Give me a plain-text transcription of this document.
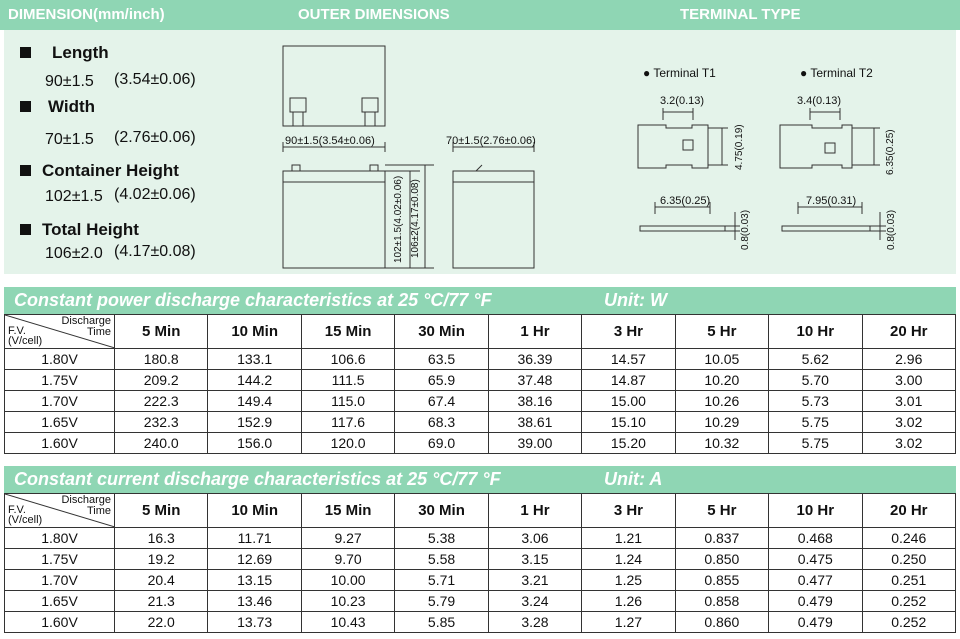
DIMENSION(mm/inch)	OUTER DIMENSIONS	TERMINAL TYPE
Length
90±1.5 (3.54±0.06)
Width
70±1.5 (2.76±0.06)
Container Height
102±1.5 (4.02±0.06)
Total Height
106±2.0 (4.17±0.08)
90±1.5(3.54±0.06)	70±1.5(2.76±0.06)
102±1.5(4.02±0.06) 106±2(4.17±0.08)
● Terminal T1	● Terminal T2
3.2(0.13)
4.75(0.19)
6.35(0.25)
0.8(0.03)
3.4(0.13)
6.35(0.25)
7.95(0.31)
0.8(0.03)
Constant power discharge characteristics at 25 °C/77 °F	Unit: W
Discharge
Time
F.V.
(V/cell)	5 Min	10 Min	15 Min	30 Min	1 Hr	3 Hr	5 Hr	10 Hr	20 Hr
1.80V	180.8	133.1	106.6	63.5	36.39	14.57	10.05	5.62	2.96
1.75V	209.2	144.2	111.5	65.9	37.48	14.87	10.20	5.70	3.00
1.70V	222.3	149.4	115.0	67.4	38.16	15.00	10.26	5.73	3.01
1.65V	232.3	152.9	117.6	68.3	38.61	15.10	10.29	5.75	3.02
1.60V	240.0	156.0	120.0	69.0	39.00	15.20	10.32	5.75	3.02
Constant current discharge characteristics at 25 °C/77 °F	Unit: A
Discharge
Time
F.V.
(V/cell)	5 Min	10 Min	15 Min	30 Min	1 Hr	3 Hr	5 Hr	10 Hr	20 Hr
1.80V	16.3	11.71	9.27	5.38	3.06	1.21	0.837	0.468	0.246
1.75V	19.2	12.69	9.70	5.58	3.15	1.24	0.850	0.475	0.250
1.70V	20.4	13.15	10.00	5.71	3.21	1.25	0.855	0.477	0.251
1.65V	21.3	13.46	10.23	5.79	3.24	1.26	0.858	0.479	0.252
1.60V	22.0	13.73	10.43	5.85	3.28	1.27	0.860	0.479	0.252
